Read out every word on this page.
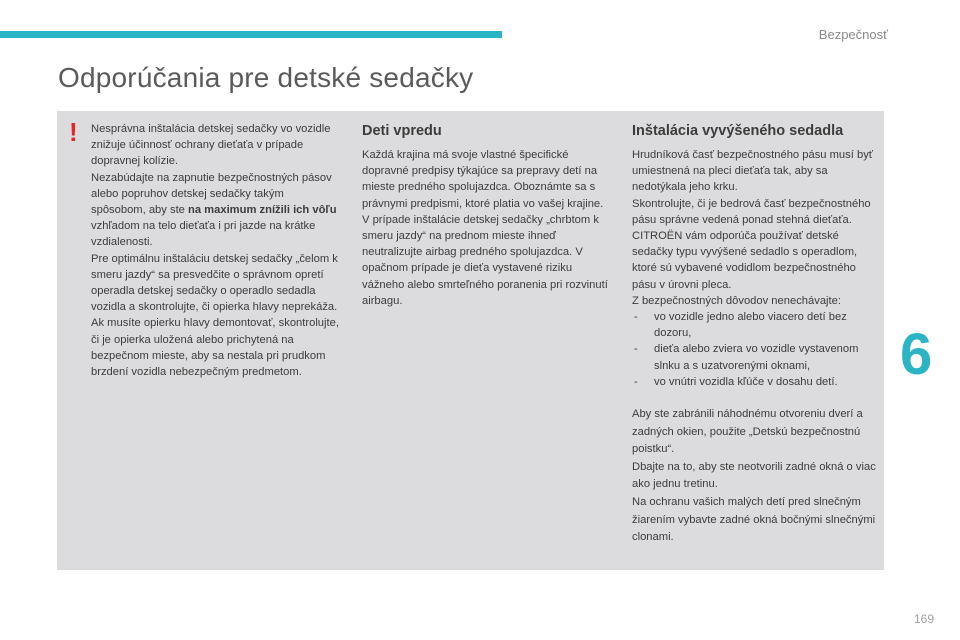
Bezpečnosť
Odporúčania pre detské sedačky
! Nesprávna inštalácia detskej sedačky vo vozidle znižuje účinnosť ochrany dieťaťa v prípade dopravnej kolízie.

Nezabúdajte na zapnutie bezpečnostných pásov alebo popruhov detskej sedačky takým spôsobom, aby ste na maximum znížili ich vôľu vzhľadom na telo dieťaťa i pri jazde na krátke vzdialenosti.

Pre optimálnu inštaláciu detskej sedačky „čelom k smeru jazdy“ sa presvedčite o správnom opretí operadla detskej sedačky o operadlo sedadla vozidla a skontrolujte, či opierka hlavy neprekáža.

Ak musíte opierku hlavy demontovať, skontrolujte, či je opierka uložená alebo prichytená na bezpečnom mieste, aby sa nestala pri prudkom brzdení vozidla nebezpečným predmetom.

Deti vpredu

Každá krajina má svoje vlastné špecifické dopravné predpisy týkajúce sa prepravy detí na mieste predného spolujazdca. Oboznámte sa s právnymi predpismi, ktoré platia vo vašej krajine.

V prípade inštalácie detskej sedačky „chrbtom k smeru jazdy“ na prednom mieste ihneď neutralizujte airbag predného spolujazdca. V opačnom prípade je dieťa vystavené riziku vážneho alebo smrteľného poranenia pri rozvinutí airbagu.

Inštalácia vyvýšeného sedadla

Hrudníková časť bezpečnostného pásu musí byť umiestnená na pleci dieťaťa tak, aby sa nedotýkala jeho krku.

Skontrolujte, či je bedrová časť bezpečnostného pásu správne vedená ponad stehná dieťaťa.

CITROËN vám odporúča používať detské sedačky typu vyvýšené sedadlo s operadlom, ktoré sú vybavené vodidlom bezpečnostného pásu v úrovni pleca.

Z bezpečnostných dôvodov nenechávajte:

- vo vozidle jedno alebo viacero detí bez dozoru,
- dieťa alebo zviera vo vozidle vystavenom slnku a s uzatvorenými oknami,
- vo vnútri vozidla kľúče v dosahu detí.

Aby ste zabránili náhodnému otvoreniu dverí a zadných okien, použite „Detskú bezpečnostnú poistku“.

Dbajte na to, aby ste neotvorili zadné okná o viac ako jednu tretinu.

Na ochranu vašich malých detí pred slnečným žiarením vybavte zadné okná bočnými slnečnými clonami.

6
169
